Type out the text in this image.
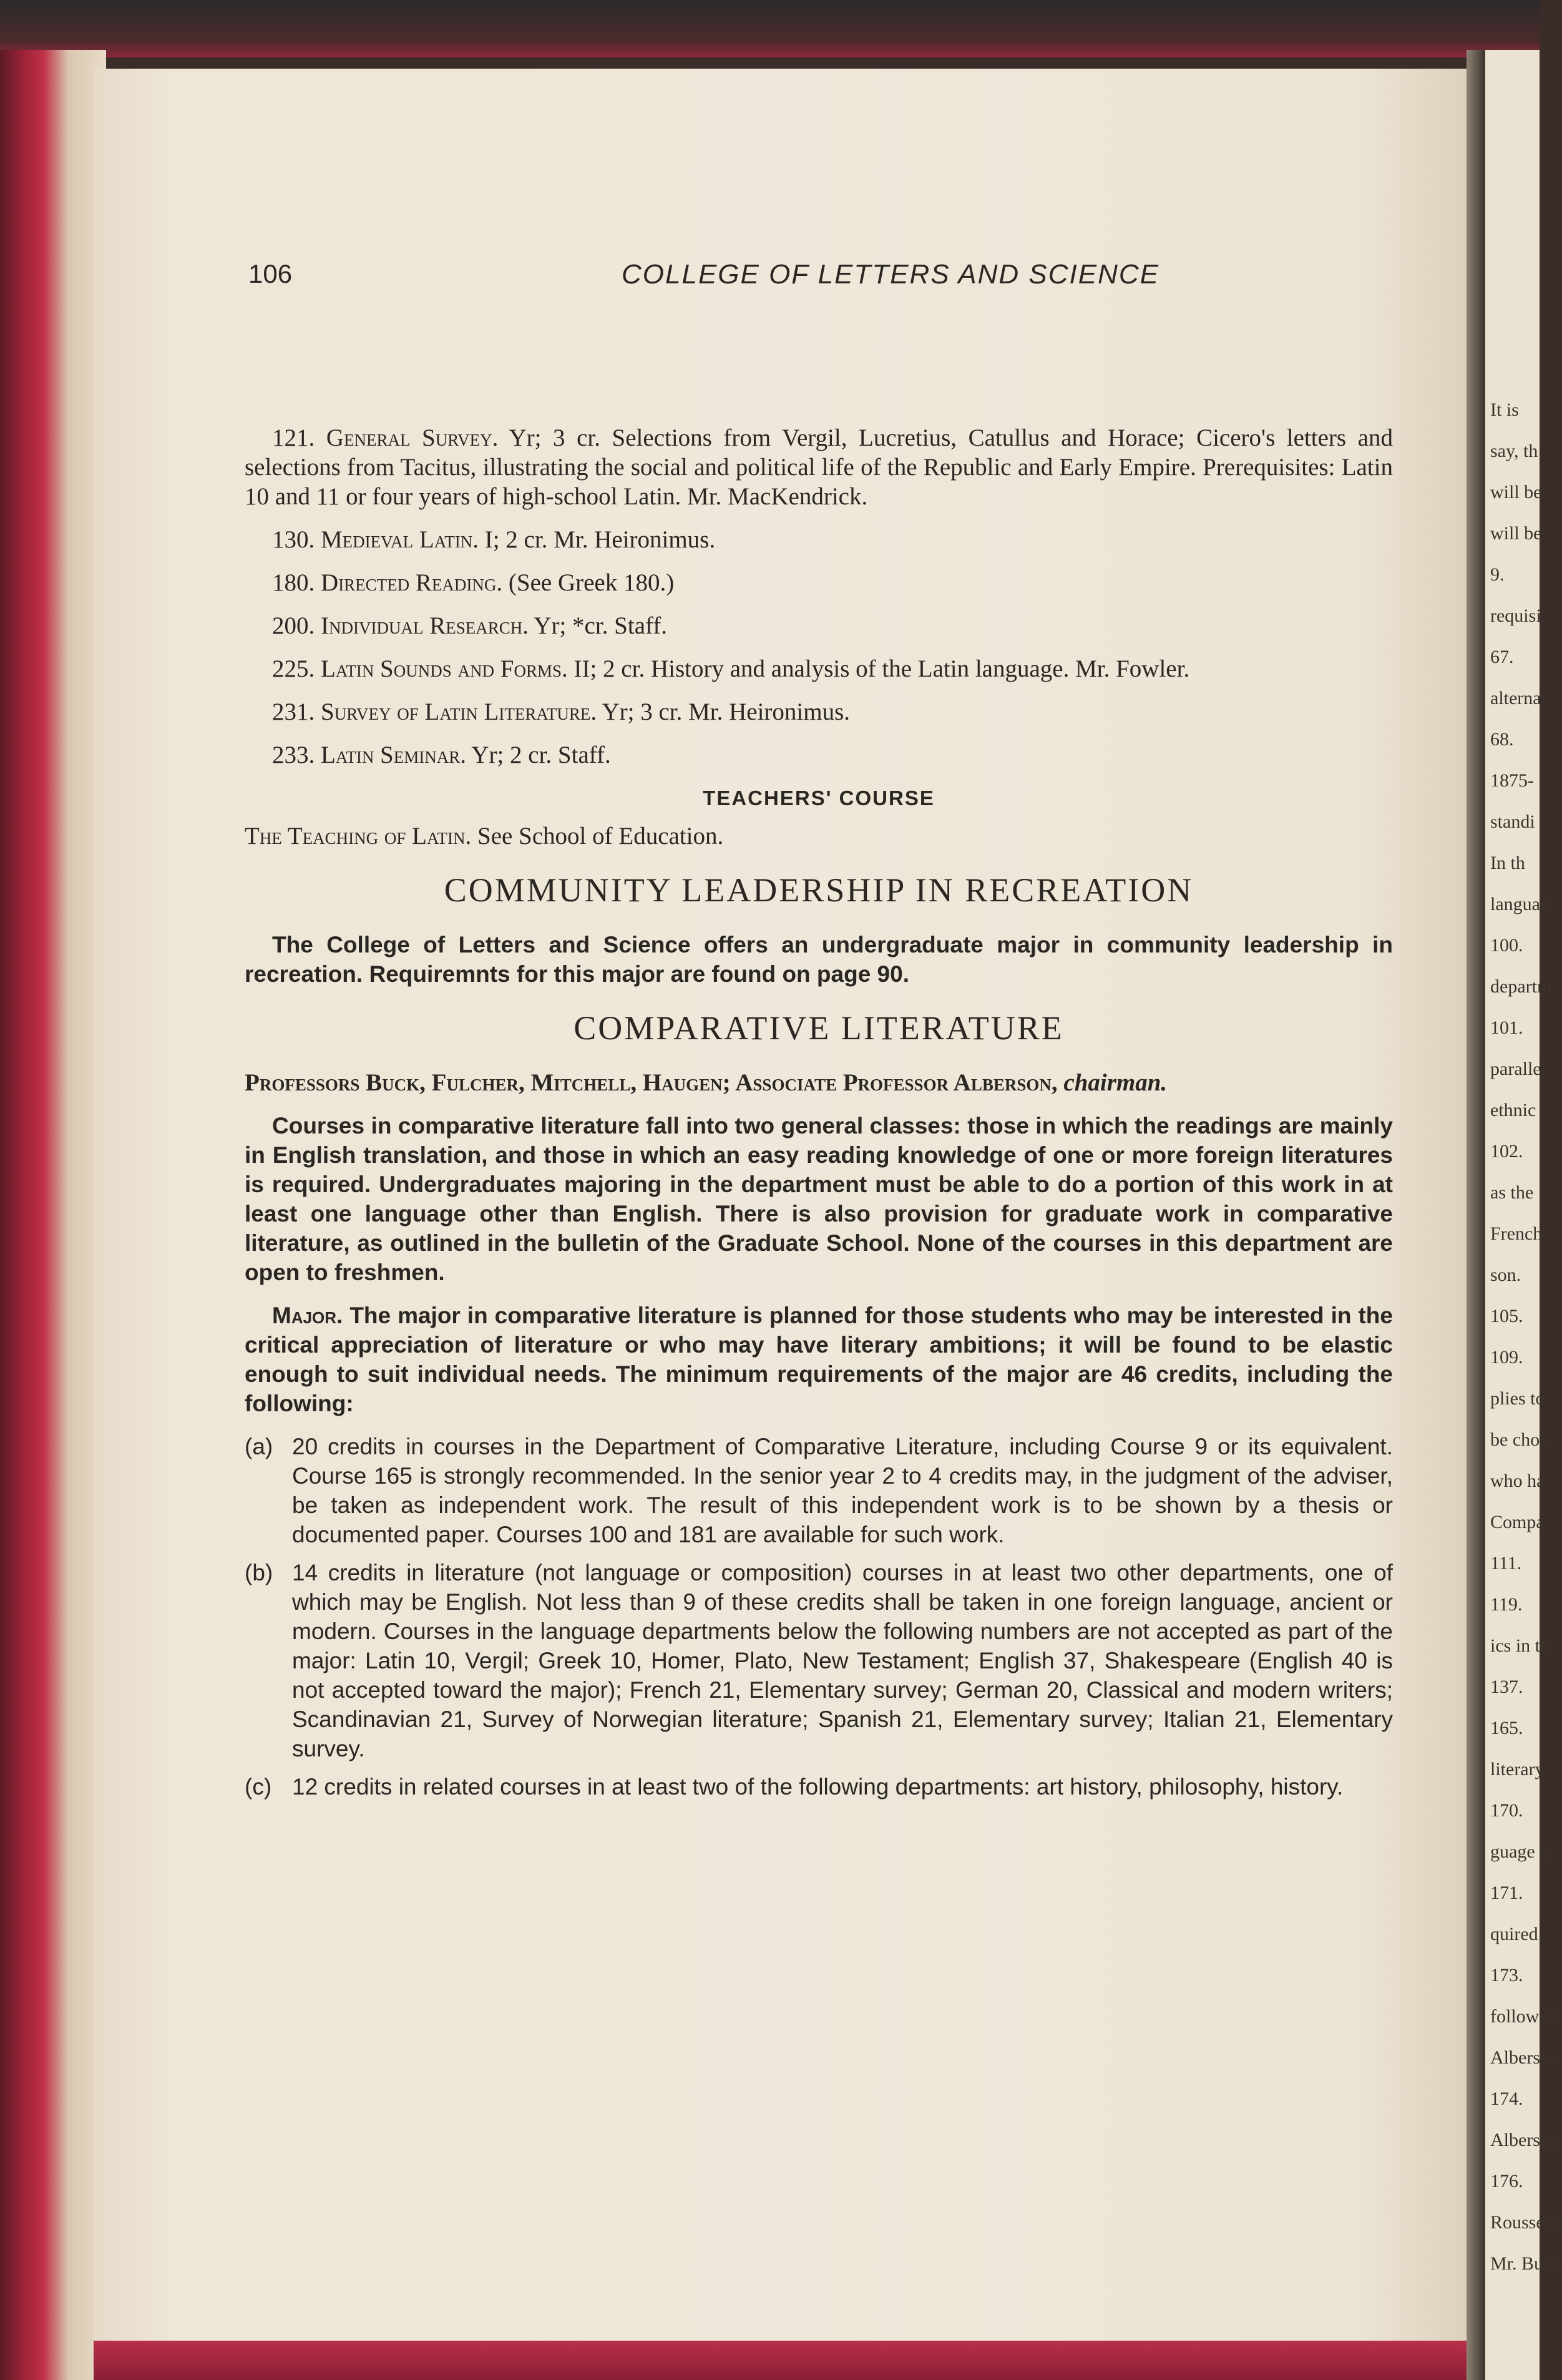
It is
say, th
will be
will be
9.
requisi
67.
alterna
68.
1875-
standi
In th
languag
100.
departm
101.
parallel
ethnic
102.
as the
French
son.
105.
109.
plies to
be chos
who ha
Compa
111.
119.
ics in th
137.
165.
literary
170.
guage re
171.
quired.
173.
followed
Alberson
174.
Alberson
176.
Rousseau
Mr. Buck
106	COLLEGE OF LETTERS AND SCIENCE

121. General Survey. Yr; 3 cr. Selections from Vergil, Lucretius, Catullus and Horace; Cicero's letters and selections from Tacitus, illustrating the social and political life of the Republic and Early Empire. Prerequisites: Latin 10 and 11 or four years of high-school Latin. Mr. MacKendrick.

130. Medieval Latin. I; 2 cr. Mr. Heironimus.

180. Directed Reading. (See Greek 180.)

200. Individual Research. Yr; *cr. Staff.

225. Latin Sounds and Forms. II; 2 cr. History and analysis of the Latin language. Mr. Fowler.

231. Survey of Latin Literature. Yr; 3 cr. Mr. Heironimus.

233. Latin Seminar. Yr; 2 cr. Staff.

TEACHERS' COURSE

The Teaching of Latin. See School of Education.

COMMUNITY LEADERSHIP IN RECREATION

The College of Letters and Science offers an undergraduate major in community leadership in recreation. Requiremnts for this major are found on page 90.

COMPARATIVE LITERATURE

Professors Buck, Fulcher, Mitchell, Haugen; Associate Professor Alberson, chairman.

Courses in comparative literature fall into two general classes: those in which the readings are mainly in English translation, and those in which an easy reading knowledge of one or more foreign literatures is required. Undergraduates majoring in the department must be able to do a portion of this work in at least one language other than English. There is also provision for graduate work in comparative literature, as outlined in the bulletin of the Graduate School. None of the courses in this department are open to freshmen.

Major. The major in comparative literature is planned for those students who may be interested in the critical appreciation of literature or who may have literary ambitions; it will be found to be elastic enough to suit individual needs. The minimum requirements of the major are 46 credits, including the following:

(a) 20 credits in courses in the Department of Comparative Literature, including Course 9 or its equivalent. Course 165 is strongly recommended. In the senior year 2 to 4 credits may, in the judgment of the adviser, be taken as independent work. The result of this independent work is to be shown by a thesis or documented paper. Courses 100 and 181 are available for such work.
(b) 14 credits in literature (not language or composition) courses in at least two other departments, one of which may be English. Not less than 9 of these credits shall be taken in one foreign language, ancient or modern. Courses in the language departments below the following numbers are not accepted as part of the major: Latin 10, Vergil; Greek 10, Homer, Plato, New Testament; English 37, Shakespeare (English 40 is not accepted toward the major); French 21, Elementary survey; German 20, Classical and modern writers; Scandinavian 21, Survey of Norwegian literature; Spanish 21, Elementary survey; Italian 21, Elementary survey.
(c) 12 credits in related courses in at least two of the following departments: art history, philosophy, history.
